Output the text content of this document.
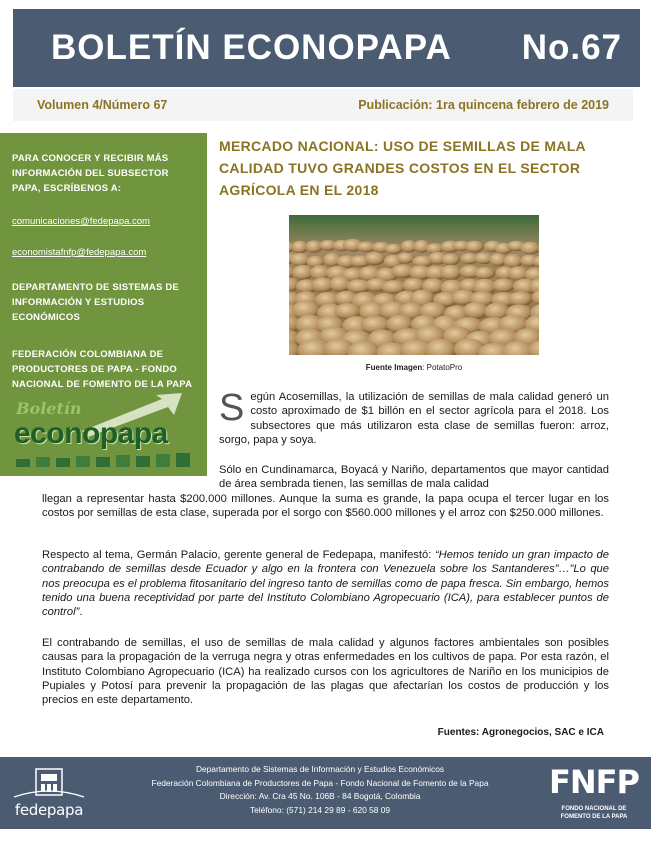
BOLETÍN ECONOPAPA No.67
Volumen 4/Número 67	Publicación: 1ra quincena febrero de 2019
PARA CONOCER Y RECIBIR MÁS INFORMACIÓN DEL SUBSECTOR PAPA, ESCRÍBENOS A:
comunicaciones@fedepapa.com
economistafnfp@fedepapa.com
DEPARTAMENTO DE SISTEMAS DE INFORMACIÓN Y ESTUDIOS ECONÓMICOS
FEDERACIÓN COLOMBIANA DE PRODUCTORES DE PAPA - FONDO NACIONAL DE FOMENTO DE LA PAPA
Boletín
econopapa
MERCADO NACIONAL: USO DE SEMILLAS DE MALA CALIDAD TUVO GRANDES COSTOS EN EL SECTOR AGRÍCOLA EN EL 2018
Fuente Imagen: PotatoPro

Según Acosemillas, la utilización de semillas de mala calidad generó un costo aproximado de $1 billón en el sector agrícola para el 2018. Los subsectores que más utilizaron esta clase de semillas fueron: arroz, sorgo, papa y soya.

Sólo en Cundinamarca, Boyacá y Nariño, departamentos que mayor cantidad de área sembrada tienen, las semillas de mala calidad

llegan a representar hasta $200.000 millones. Aunque la suma es grande, la papa ocupa el tercer lugar en los costos por semillas de esta clase, superada por el sorgo con $560.000 millones y el arroz con $250.000 millones.

Respecto al tema, Germán Palacio, gerente general de Fedepapa, manifestó: “Hemos tenido un gran impacto de contrabando de semillas desde Ecuador y algo en la frontera con Venezuela sobre los Santanderes”…”Lo que nos preocupa es el problema fitosanitario del ingreso tanto de semillas como de papa fresca. Sin embargo, hemos tenido una buena receptividad por parte del Instituto Colombiano Agropecuario (ICA), para establecer puntos de control”.

El contrabando de semillas, el uso de semillas de mala calidad y algunos factores ambientales son posibles causas para la propagación de la verruga negra y otras enfermedades en los cultivos de papa. Por esta razón, el Instituto Colombiano Agropecuario (ICA) ha realizado cursos con los agricultores de Nariño en los municipios de Pupiales y Potosí para prevenir la propagación de las plagas que afectarían los costos de producción y los precios en este departamento.

Fuentes: Agronegocios, SAC e ICA
fedepapa
Departamento de Sistemas de Información y Estudios Económicos
Federación Colombiana de Productores de Papa - Fondo Nacional de Fomento de la Papa
Dirección: Av. Cra 45 No. 106B - 84 Bogotá, Colombia
Teléfono: (571) 214 29 89 - 620 58 09
FNFP
FONDO NACIONAL DE FOMENTO DE LA PAPA
